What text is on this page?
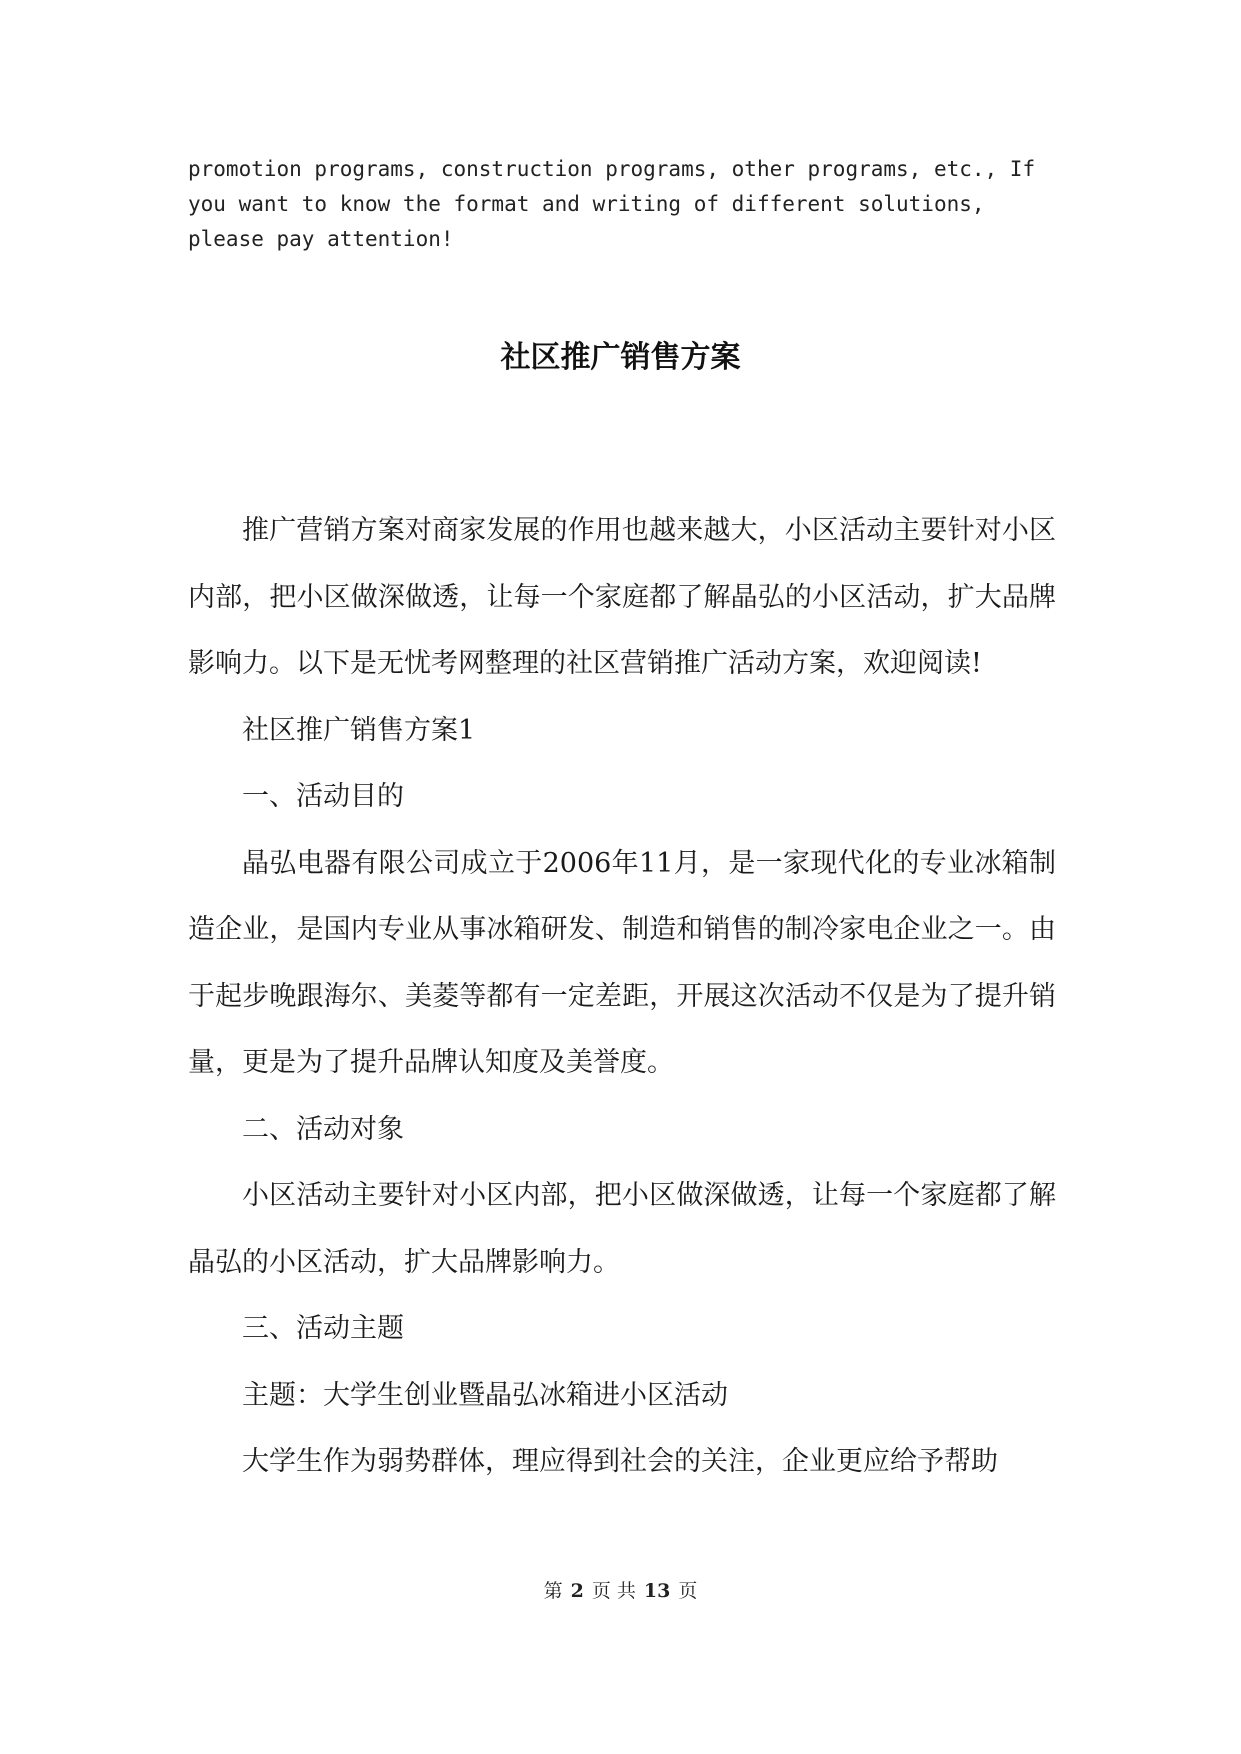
promotion programs, construction programs, other programs, etc., If
you want to know the format and writing of different solutions,
please pay attention!

社区推广销售方案

推广营销方案对商家发展的作用也越来越大，小区活动主要针对小区内部，把小区做深做透，让每一个家庭都了解晶弘的小区活动，扩大品牌影响力。以下是无忧考网整理的社区营销推广活动方案，欢迎阅读!

社区推广销售方案1

一、活动目的

晶弘电器有限公司成立于2006年11月，是一家现代化的专业冰箱制造企业，是国内专业从事冰箱研发、制造和销售的制冷家电企业之一。由于起步晚跟海尔、美菱等都有一定差距，开展这次活动不仅是为了提升销量，更是为了提升品牌认知度及美誉度。

二、活动对象

小区活动主要针对小区内部，把小区做深做透，让每一个家庭都了解晶弘的小区活动，扩大品牌影响力。

三、活动主题

主题：大学生创业暨晶弘冰箱进小区活动

大学生作为弱势群体，理应得到社会的关注，企业更应给予帮助

第 2 页 共 13 页
